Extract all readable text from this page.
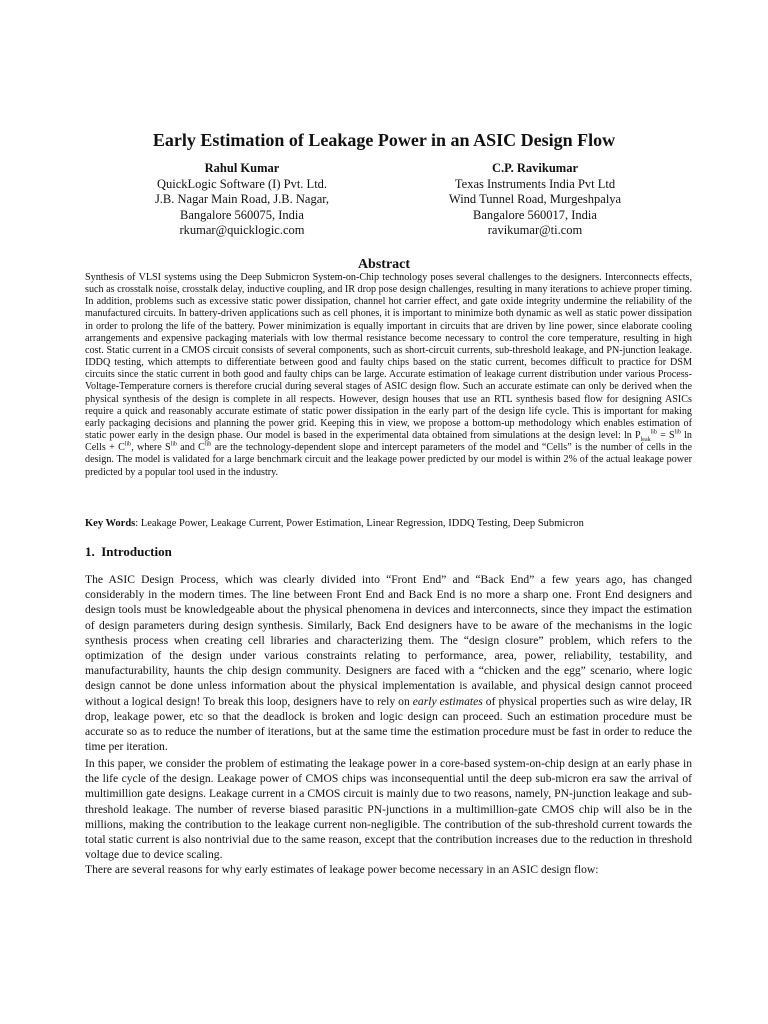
Early Estimation of Leakage Power in an ASIC Design Flow
Rahul Kumar
QuickLogic Software (I) Pvt. Ltd.
J.B. Nagar Main Road, J.B. Nagar,
Bangalore 560075, India
rkumar@quicklogic.com
C.P. Ravikumar
Texas Instruments India Pvt Ltd
Wind Tunnel Road, Murgeshpalya
Bangalore 560017, India
ravikumar@ti.com
Abstract

Synthesis of VLSI systems using the Deep Submicron System-on-Chip technology poses several challenges to the designers. Interconnects effects, such as crosstalk noise, crosstalk delay, inductive coupling, and IR drop pose design challenges, resulting in many iterations to achieve proper timing. In addition, problems such as excessive static power dissipation, channel hot carrier effect, and gate oxide integrity undermine the reliability of the manufactured circuits. In battery-driven applications such as cell phones, it is important to minimize both dynamic as well as static power dissipation in order to prolong the life of the battery. Power minimization is equally important in circuits that are driven by line power, since elaborate cooling arrangements and expensive packaging materials with low thermal resistance become necessary to control the core temperature, resulting in high cost. Static current in a CMOS circuit consists of several components, such as short-circuit currents, sub-threshold leakage, and PN-junction leakage. IDDQ testing, which attempts to differentiate between good and faulty chips based on the static current, becomes difficult to practice for DSM circuits since the static current in both good and faulty chips can be large. Accurate estimation of leakage current distribution under various Process-Voltage-Temperature corners is therefore crucial during several stages of ASIC design flow. Such an accurate estimate can only be derived when the physical synthesis of the design is complete in all respects. However, design houses that use an RTL synthesis based flow for designing ASICs require a quick and reasonably accurate estimate of static power dissipation in the early part of the design life cycle. This is important for making early packaging decisions and planning the power grid. Keeping this in view, we propose a bottom-up methodology which enables estimation of static power early in the design phase. Our model is based in the experimental data obtained from simulations at the design level: $\ln P_{leak}^{lib} = S^{lib}$ ln Cells + $C^{lib}$, where $S^{lib}$ and $C^{lib}$ are the technology-dependent slope and intercept parameters of the model and “Cells” is the number of cells in the design. The model is validated for a large benchmark circuit and the leakage power predicted by our model is within 2% of the actual leakage power predicted by a popular tool used in the industry.

Key Words: Leakage Power, Leakage Current, Power Estimation, Linear Regression, IDDQ Testing, Deep Submicron

1. Introduction

The ASIC Design Process, which was clearly divided into “Front End” and “Back End” a few years ago, has changed considerably in the modern times. The line between Front End and Back End is no more a sharp one. Front End designers and design tools must be knowledgeable about the physical phenomena in devices and interconnects, since they impact the estimation of design parameters during design synthesis. Similarly, Back End designers have to be aware of the mechanisms in the logic synthesis process when creating cell libraries and characterizing them. The “design closure” problem, which refers to the optimization of the design under various constraints relating to performance, area, power, reliability, testability, and manufacturability, haunts the chip design community. Designers are faced with a “chicken and the egg” scenario, where logic design cannot be done unless information about the physical implementation is available, and physical design cannot proceed without a logical design! To break this loop, designers have to rely on early estimates of physical properties such as wire delay, IR drop, leakage power, etc so that the deadlock is broken and logic design can proceed. Such an estimation procedure must be accurate so as to reduce the number of iterations, but at the same time the estimation procedure must be fast in order to reduce the time per iteration.

In this paper, we consider the problem of estimating the leakage power in a core-based system-on-chip design at an early phase in the life cycle of the design. Leakage power of CMOS chips was inconsequential until the deep sub-micron era saw the arrival of multimillion gate designs. Leakage current in a CMOS circuit is mainly due to two reasons, namely, PN-junction leakage and sub-threshold leakage. The number of reverse biased parasitic PN-junctions in a multimillion-gate CMOS chip will also be in the millions, making the contribution to the leakage current non-negligible. The contribution of the sub-threshold current towards the total static current is also nontrivial due to the same reason, except that the contribution increases due to the reduction in threshold voltage due to device scaling.

There are several reasons for why early estimates of leakage power become necessary in an ASIC design flow:
